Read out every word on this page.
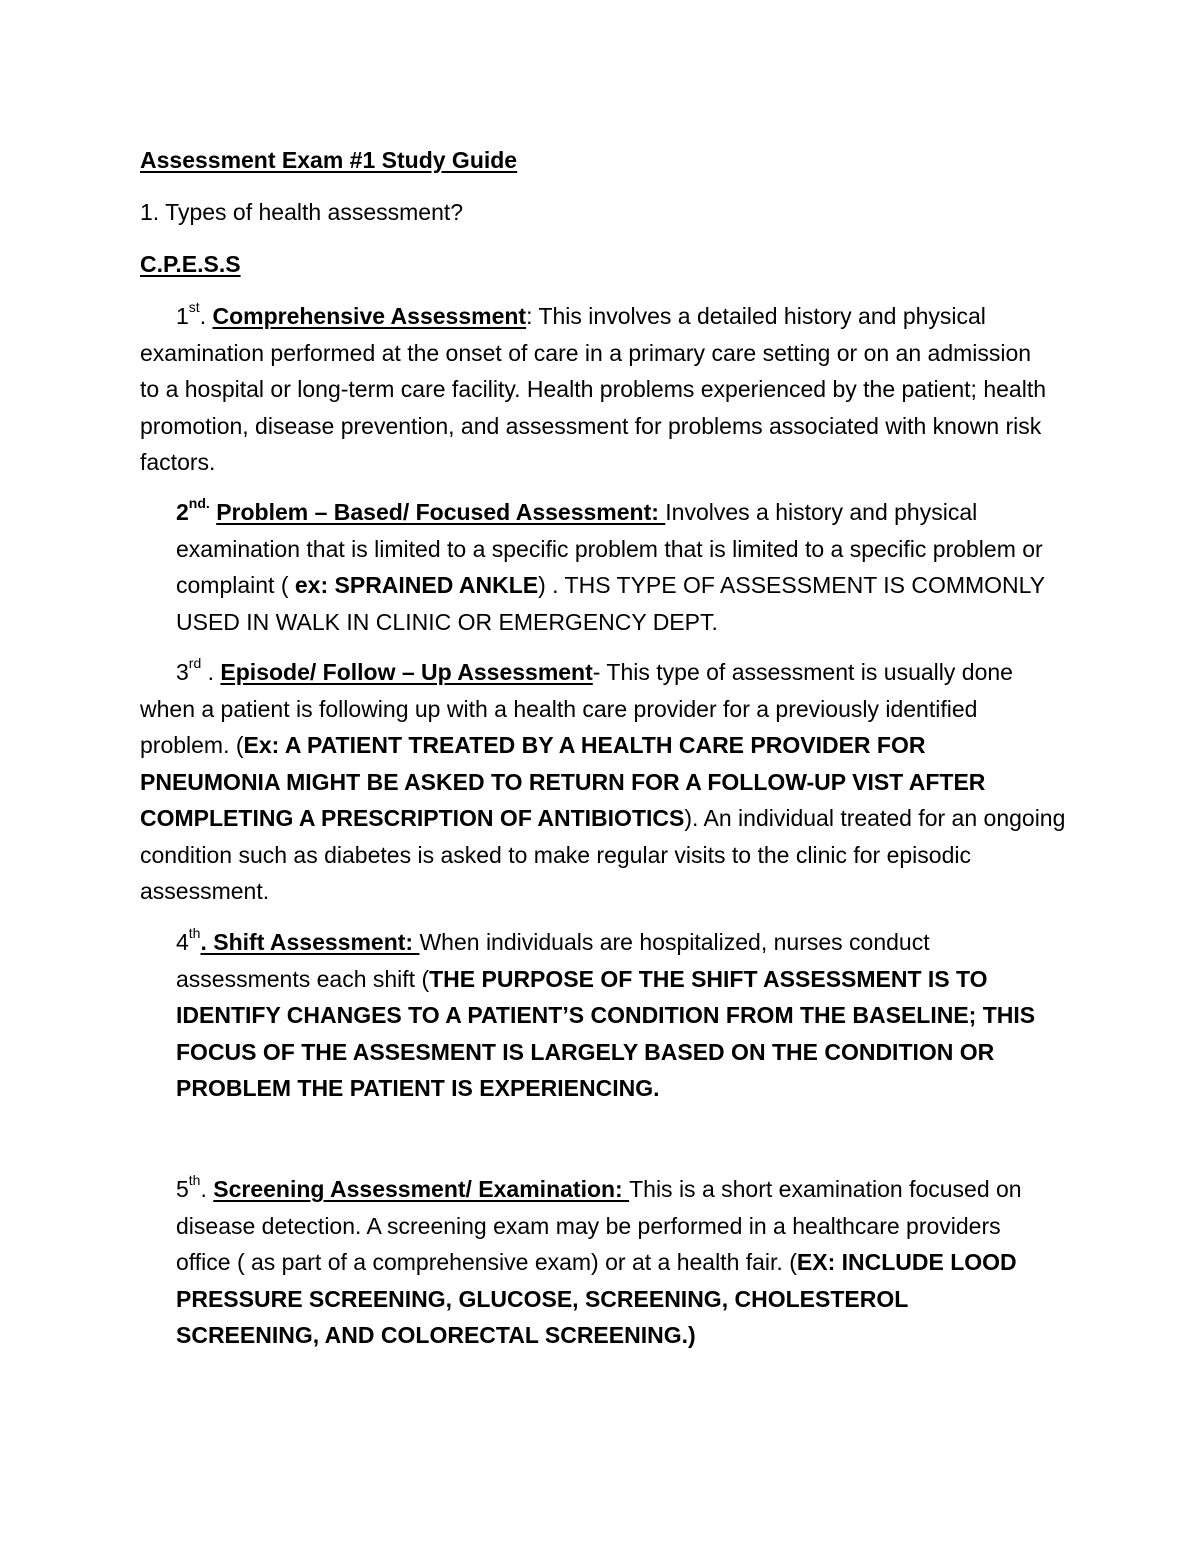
Assessment Exam #1 Study Guide

1. Types of health assessment?

C.P.E.S.S

1st. Comprehensive Assessment: This involves a detailed history and physical examination performed at the onset of care in a primary care setting or on an admission to a hospital or long-term care facility. Health problems experienced by the patient; health promotion, disease prevention, and assessment for problems associated with known risk factors.

$2^{nd.}$ Problem – Based/ Focused Assessment: Involves a history and physical examination that is limited to a specific problem that is limited to a specific problem or complaint ( ex: SPRAINED ANKLE) . THS TYPE OF ASSESSMENT IS COMMONLY USED IN WALK IN CLINIC OR EMERGENCY DEPT.

3rd . Episode/ Follow – Up Assessment- This type of assessment is usually done when a patient is following up with a health care provider for a previously identified problem. (Ex: A PATIENT TREATED BY A HEALTH CARE PROVIDER FOR PNEUMONIA MIGHT BE ASKED TO RETURN FOR A FOLLOW-UP VIST AFTER COMPLETING A PRESCRIPTION OF ANTIBIOTICS). An individual treated for an ongoing condition such as diabetes is asked to make regular visits to the clinic for episodic assessment.

4th. Shift Assessment: When individuals are hospitalized, nurses conduct assessments each shift (THE PURPOSE OF THE SHIFT ASSESSMENT IS TO IDENTIFY CHANGES TO A PATIENT’S CONDITION FROM THE BASELINE; THIS FOCUS OF THE ASSESMENT IS LARGELY BASED ON THE CONDITION OR PROBLEM THE PATIENT IS EXPERIENCING.

5th. Screening Assessment/ Examination: This is a short examination focused on disease detection. A screening exam may be performed in a healthcare providers office ( as part of a comprehensive exam) or at a health fair. (EX: INCLUDE LOOD PRESSURE SCREENING, GLUCOSE, SCREENING, CHOLESTEROL SCREENING, AND COLORECTAL SCREENING.)
